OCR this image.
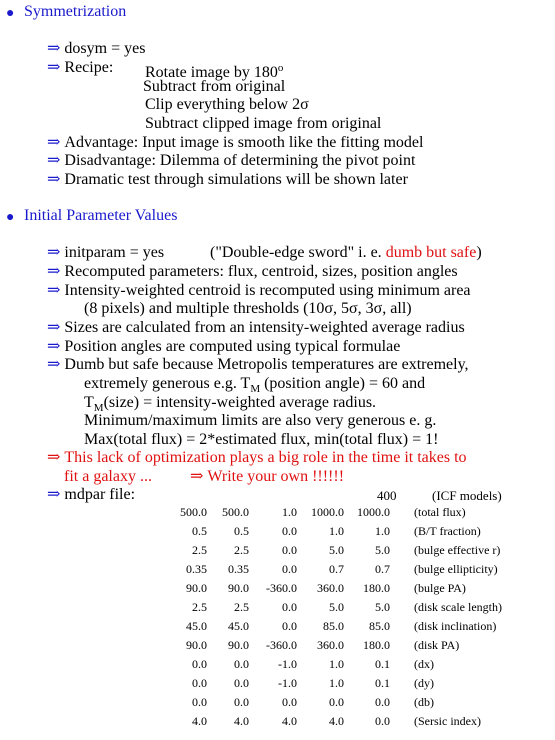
● Symmetrization
⇒ dosym = yes
⇒ Recipe: Rotate image by 180$^o$
Subtract from original
Clip everything below 2σ
Subtract clipped image from original
⇒ Advantage: Input image is smooth like the fitting model
⇒ Disadvantage: Dilemma of determining the pivot point
⇒ Dramatic test through simulations will be shown later
● Initial Parameter Values
⇒ initparam = yes	("Double-edge sword" i. e. dumb but safe)
⇒ Recomputed parameters: flux, centroid, sizes, position angles
⇒ Intensity-weighted centroid is recomputed using minimum area
(8 pixels) and multiple thresholds (10σ, 5σ, 3σ, all)
⇒ Sizes are calculated from an intensity-weighted average radius
⇒ Position angles are computed using typical formulae
⇒ Dumb but safe because Metropolis temperatures are extremely,
extremely generous e.g. $T_M$ (position angle) = 60 and
$T_M(size)$ = intensity-weighted average radius.
Minimum/maximum limits are also very generous e. g.
Max(total flux) = 2*estimated flux, min(total flux) = 1!
⇒ This lack of optimization plays a big role in the time it takes to
fit a galaxy ... ⇒ Write your own !!!!!!
⇒ mdpar file:	400	(ICF models)
500.0	500.0	1.0	1000.0	1000.0	(total flux)
0.5	0.5	0.0	1.0	1.0	(B/T fraction)
2.5	2.5	0.0	5.0	5.0	(bulge effective r)
0.35	0.35	0.0	0.7	0.7	(bulge ellipticity)
90.0	90.0	-360.0	360.0	180.0	(bulge PA)
2.5	2.5	0.0	5.0	5.0	(disk scale length)
45.0	45.0	0.0	85.0	85.0	(disk inclination)
90.0	90.0	-360.0	360.0	180.0	(disk PA)
0.0	0.0	-1.0	1.0	0.1	(dx)
0.0	0.0	-1.0	1.0	0.1	(dy)
0.0	0.0	0.0	0.0	0.0	(db)
4.0	4.0	4.0	4.0	0.0	(Sersic index)
